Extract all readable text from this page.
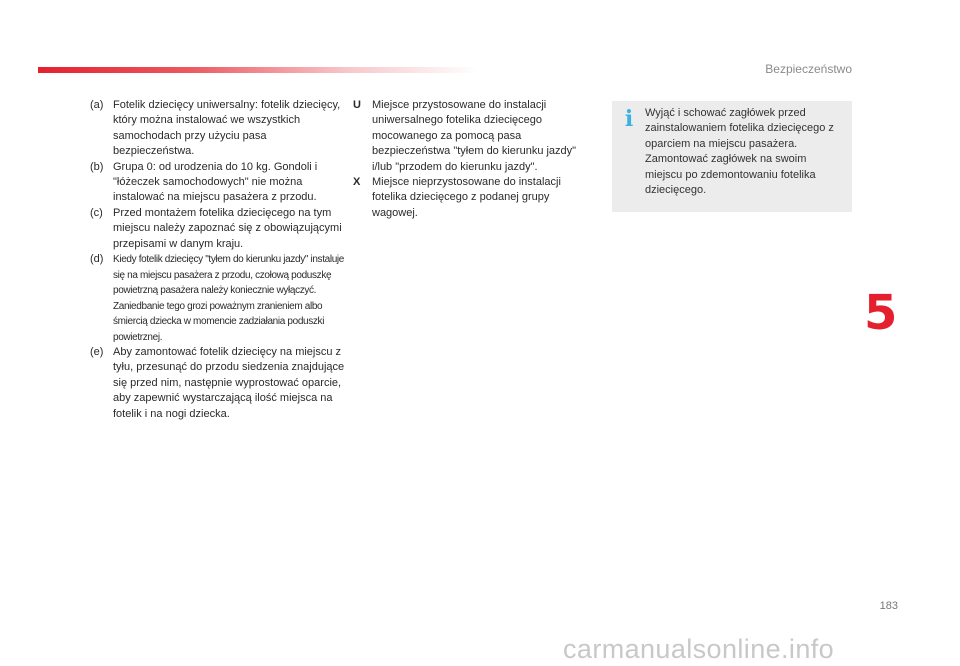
Bezpieczeństwo
(a) Fotelik dziecięcy uniwersalny: fotelik dziecięcy, który można instalować we wszystkich samochodach przy użyciu pasa bezpieczeństwa.
(b) Grupa 0: od urodzenia do 10 kg. Gondoli i "łóżeczek samochodowych" nie można instalować na miejscu pasażera z przodu.
(c) Przed montażem fotelika dziecięcego na tym miejscu należy zapoznać się z obowiązującymi przepisami w danym kraju.
(d) Kiedy fotelik dziecięcy "tyłem do kierunku jazdy" instaluje się na miejscu pasażera z przodu, czołową poduszkę powietrzną pasażera należy koniecznie wyłączyć. Zaniedbanie tego grozi poważnym zranieniem albo śmiercią dziecka w momencie zadziałania poduszki powietrznej.
(e) Aby zamontować fotelik dziecięcy na miejscu z tyłu, przesunąć do przodu siedzenia znajdujące się przed nim, następnie wyprostować oparcie, aby zapewnić wystarczającą ilość miejsca na fotelik i na nogi dziecka.
U	Miejsce przystosowane do instalacji uniwersalnego fotelika dziecięcego mocowanego za pomocą pasa bezpieczeństwa "tyłem do kierunku jazdy" i/lub "przodem do kierunku jazdy".
X	Miejsce nieprzystosowane do instalacji fotelika dziecięcego z podanej grupy wagowej.
i Wyjąć i schować zagłówek przed zainstalowaniem fotelika dziecięcego z oparciem na miejscu pasażera. Zamontować zagłówek na swoim miejscu po zdemontowaniu fotelika dziecięcego.
5
183
carmanualsonline.info
